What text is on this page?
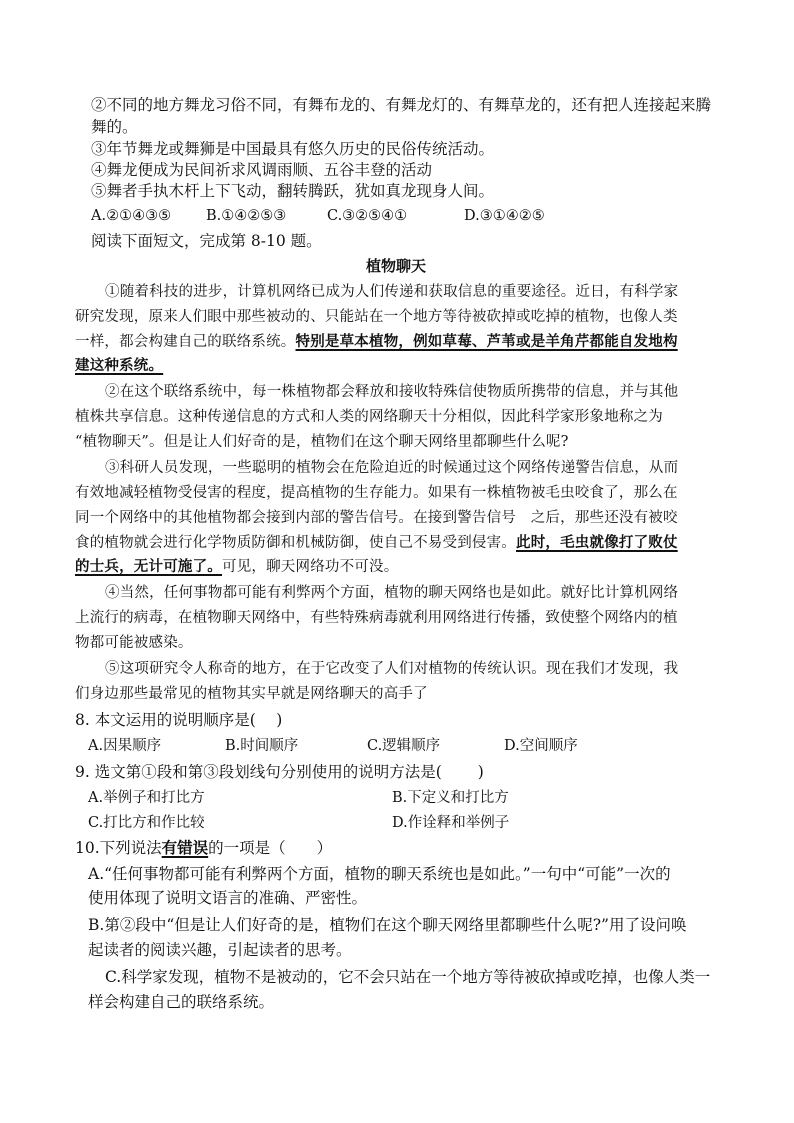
②不同的地方舞龙习俗不同，有舞布龙的、有舞龙灯的、有舞草龙的，还有把人连接起来腾
舞的。
③年节舞龙或舞狮是中国最具有悠久历史的民俗传统活动。
④舞龙便成为民间祈求风调雨顺、五谷丰登的活动
⑤舞者手执木杆上下飞动，翻转腾跃，犹如真龙现身人间。
A.②①④③⑤ B.①④②⑤③	C.③②⑤④①	D.③①④②⑤
阅读下面短文，完成第 8-10 题。
植物聊天
①随着科技的进步，计算机网络已成为人们传递和获取信息的重要途径。近日，有科学家
研究发现，原来人们眼中那些被动的、只能站在一个地方等待被砍掉或吃掉的植物，也像人类
一样，都会构建自己的联络系统。特别是草本植物，例如草莓、芦苇或是羊角芹都能自发地构
建这种系统。
②在这个联络系统中，每一株植物都会释放和接收特殊信使物质所携带的信息，并与其他
植株共享信息。这种传递信息的方式和人类的网络聊天十分相似，因此科学家形象地称之为
“植物聊天”。但是让人们好奇的是，植物们在这个聊天网络里都聊些什么呢?
③科研人员发现，一些聪明的植物会在危险迫近的时候通过这个网络传递警告信息，从而
有效地减轻植物受侵害的程度，提高植物的生存能力。如果有一株植物被毛虫咬食了，那么在
同一个网络中的其他植物都会接到内部的警告信号。在接到警告信号　之后，那些还没有被咬
食的植物就会进行化学物质防御和机械防御，使自己不易受到侵害。此时，毛虫就像打了败仗
的士兵，无计可施了。可见，聊天网络功不可没。
④当然，任何事物都可能有利弊两个方面，植物的聊天网络也是如此。就好比计算机网络
上流行的病毒，在植物聊天网络中，有些特殊病毒就利用网络进行传播，致使整个网络内的植
物都可能被感染。
⑤这项研究令人称奇的地方，在于它改变了人们对植物的传统认识。现在我们才发现，我
们身边那些最常见的植物其实早就是网络聊天的高手了
8. 本文运用的说明顺序是(　 )
A.因果顺序	B.时间顺序	C.逻辑顺序	D.空间顺序
9. 选文第①段和第③段划线句分别使用的说明方法是(　　 )
A.举例子和打比方	B.下定义和打比方
C.打比方和作比较	D.作诠释和举例子
10.下列说法有错误的一项是（　　）
A.“任何事物都可能有利弊两个方面，植物的聊天系统也是如此。”一句中“可能”一次的
使用体现了说明文语言的准确、严密性。
B.第②段中“但是让人们好奇的是，植物们在这个聊天网络里都聊些什么呢?”用了设问唤
起读者的阅读兴趣，引起读者的思考。
C.科学家发现，植物不是被动的，它不会只站在一个地方等待被砍掉或吃掉，也像人类一
样会构建自己的联络系统。
